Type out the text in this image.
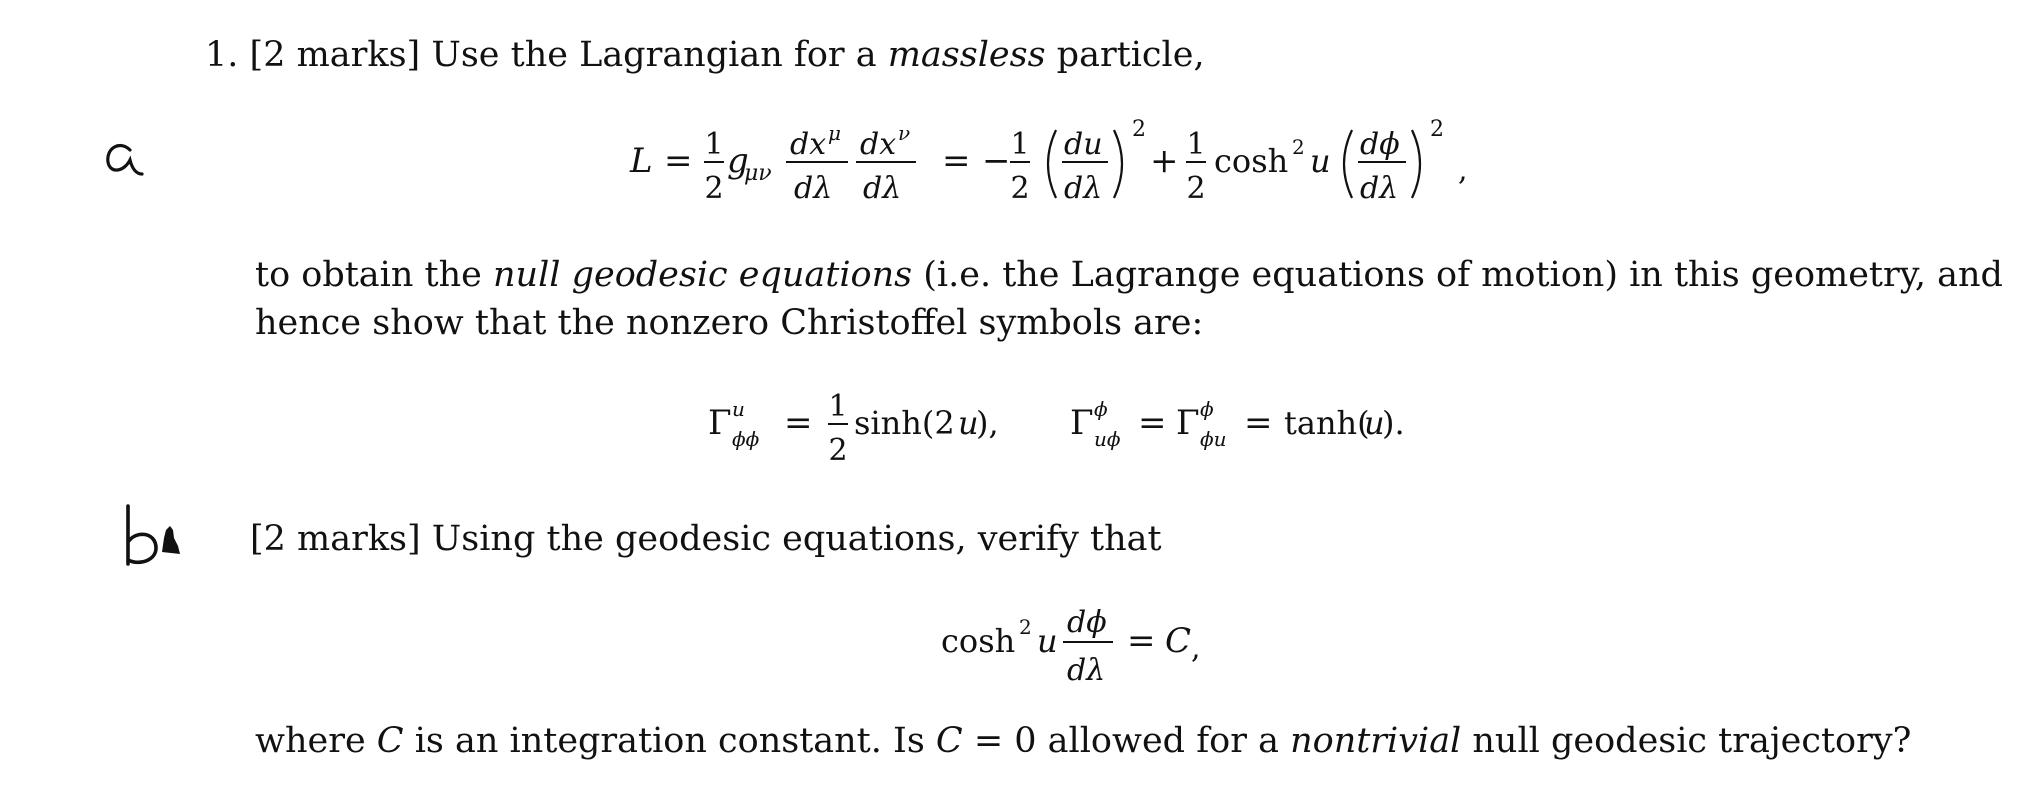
1. [2 marks] Use the Lagrangian for a massless particle,
L = 1
2
g
μν
dx μ
dλ
dx ν
dλ
= − 1
2
du
dλ
2
+ 1
2
cosh 2 u dϕ
dλ
2
,
to obtain the null geodesic equations (i.e. the Lagrange equations of motion) in this geometry, and
hence show that the nonzero Christoffel symbols are:
Γ u
ϕϕ = 1
2
sinh(2 u
), Γ ϕ
uϕ = Γ ϕ
ϕu = tanh(
u
).
[2 marks] Using the geodesic equations, verify that
cosh 2 u dϕ
dλ
= C ,
where C is an integration constant. Is C = 0 allowed for a nontrivial null geodesic trajectory?
